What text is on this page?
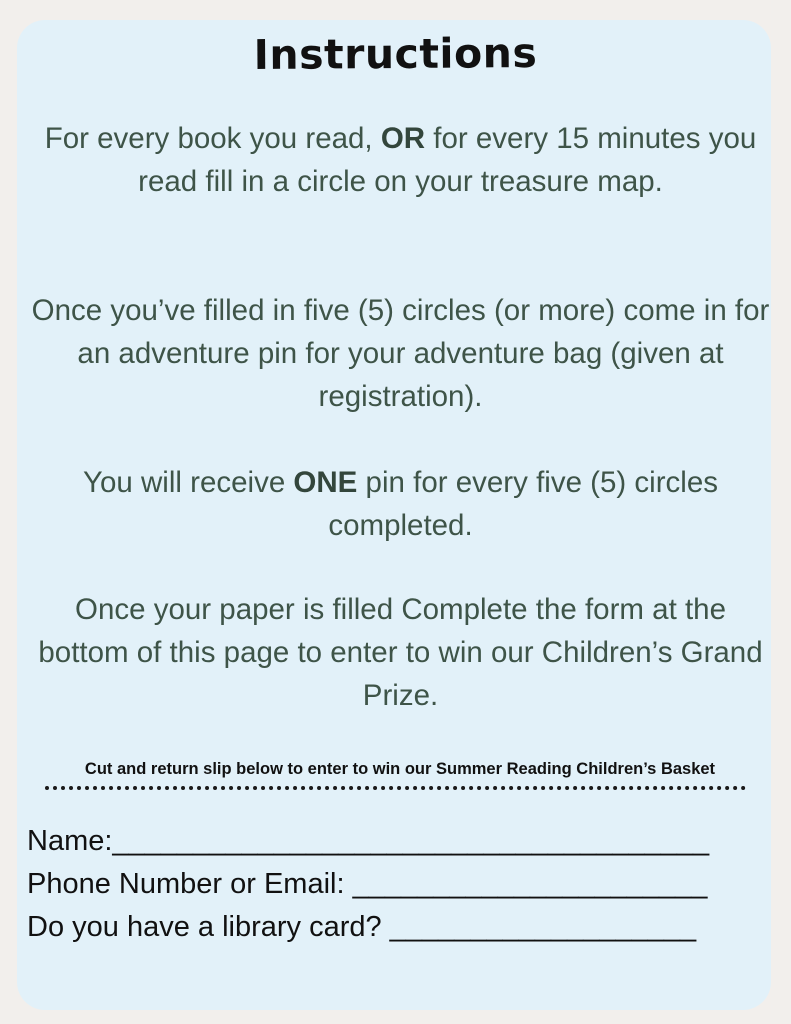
Instructions

For every book you read, OR for every 15 minutes you read fill in a circle on your treasure map.

Once you’ve filled in five (5) circles (or more) come in for an adventure pin for your adventure bag (given at registration).

You will receive ONE pin for every five (5) circles completed.

Once your paper is filled Complete the form at the bottom of this page to enter to win our Children’s Grand Prize.

Cut and return slip below to enter to win our Summer Reading Children’s Basket
Name:_____________________________________
Phone Number or Email: ______________________
Do you have a library card? ___________________
